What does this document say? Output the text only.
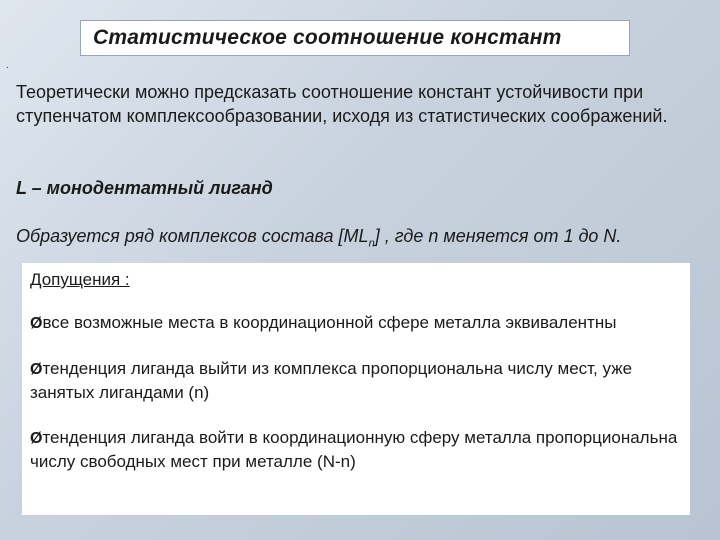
Статистическое соотношение констант
.
Теоретически можно предсказать соотношение констант устойчивости при ступенчатом комплексообразовании, исходя из статистических соображений.
L – монодентатный лиганд
Образуется ряд комплексов состава $[ML_n]$ , где n меняется от 1 до N.
Допущения :
Øвсе возможные места в координационной сфере металла эквивалентны
Øтенденция лиганда выйти из комплекса пропорциональна числу мест, уже занятых лигандами (n)
Øтенденция лиганда войти в координационную сферу металла пропорциональна числу свободных мест при металле (N-n)
